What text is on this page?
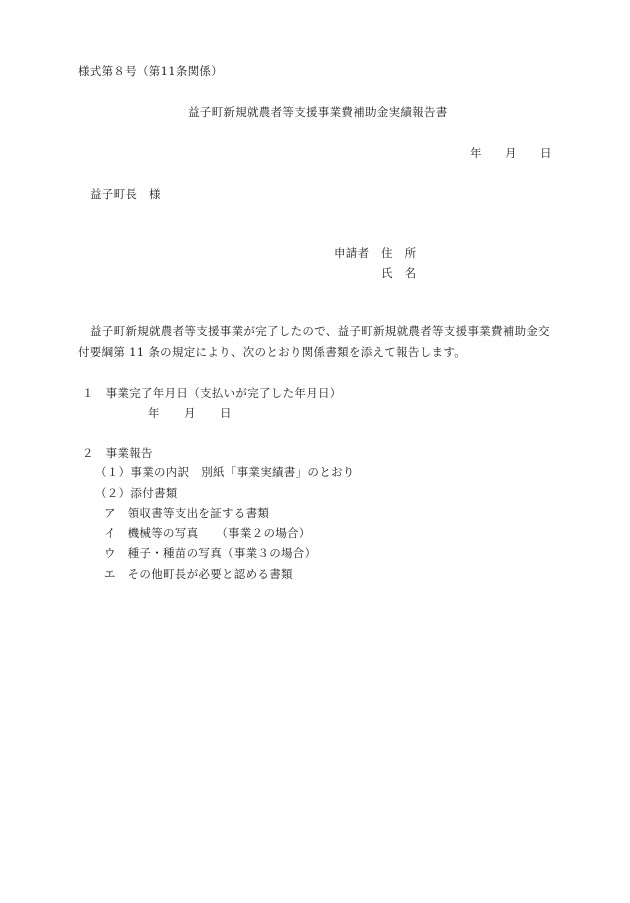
様式第８号（第11条関係）
益子町新規就農者等支援事業費補助金実績報告書
年 月 日
益子町長　様
申請者 住　所
氏　名
益子町新規就農者等支援事業が完了したので、益子町新規就農者等支援事業費補助金交
付要綱第 11 条の規定により、次のとおり関係書類を添えて報告します。
１　事業完了年月日（支払いが完了した年月日）
年 月 日
２　事業報告
（１）事業の内訳　別紙「事業実績書」のとおり
（２）添付書類
ア　領収書等支出を証する書類
イ　機械等の写真　　（事業２の場合）
ウ　種子・種苗の写真（事業３の場合）
エ　その他町長が必要と認める書類
